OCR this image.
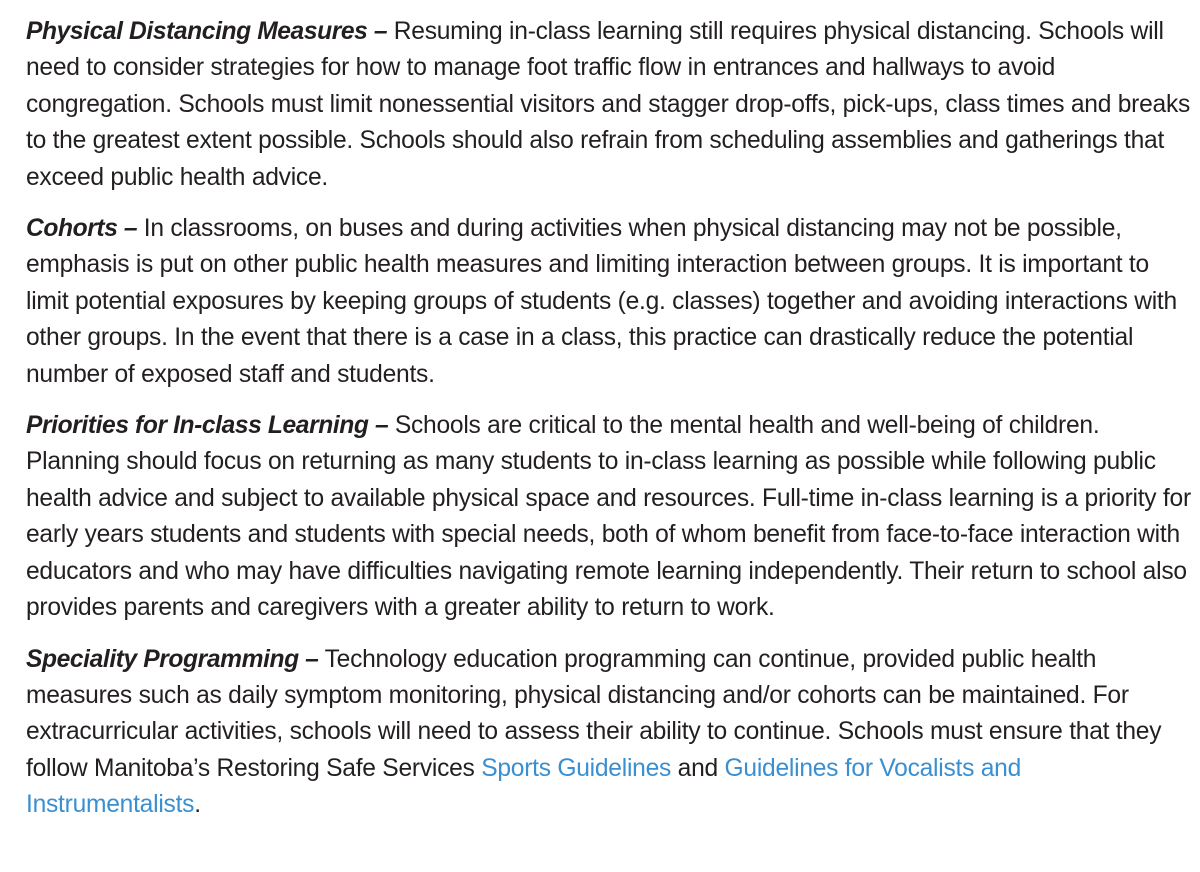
Physical Distancing Measures – Resuming in-class learning still requires physical distancing. Schools will need to consider strategies for how to manage foot traffic flow in entrances and hallways to avoid congregation. Schools must limit nonessential visitors and stagger drop-offs, pick-ups, class times and breaks to the greatest extent possible. Schools should also refrain from scheduling assemblies and gatherings that exceed public health advice.

Cohorts – In classrooms, on buses and during activities when physical distancing may not be possible, emphasis is put on other public health measures and limiting interaction between groups. It is important to limit potential exposures by keeping groups of students (e.g. classes) together and avoiding interactions with other groups. In the event that there is a case in a class, this practice can drastically reduce the potential number of exposed staff and students.

Priorities for In-class Learning – Schools are critical to the mental health and well-being of children. Planning should focus on returning as many students to in-class learning as possible while following public health advice and subject to available physical space and resources. Full-time in-class learning is a priority for early years students and students with special needs, both of whom benefit from face-to-face interaction with educators and who may have difficulties navigating remote learning independently. Their return to school also provides parents and caregivers with a greater ability to return to work.

Speciality Programming – Technology education programming can continue, provided public health measures such as daily symptom monitoring, physical distancing and/or cohorts can be maintained. For extracurricular activities, schools will need to assess their ability to continue. Schools must ensure that they follow Manitoba’s Restoring Safe Services Sports Guidelines and Guidelines for Vocalists and Instrumentalists.
